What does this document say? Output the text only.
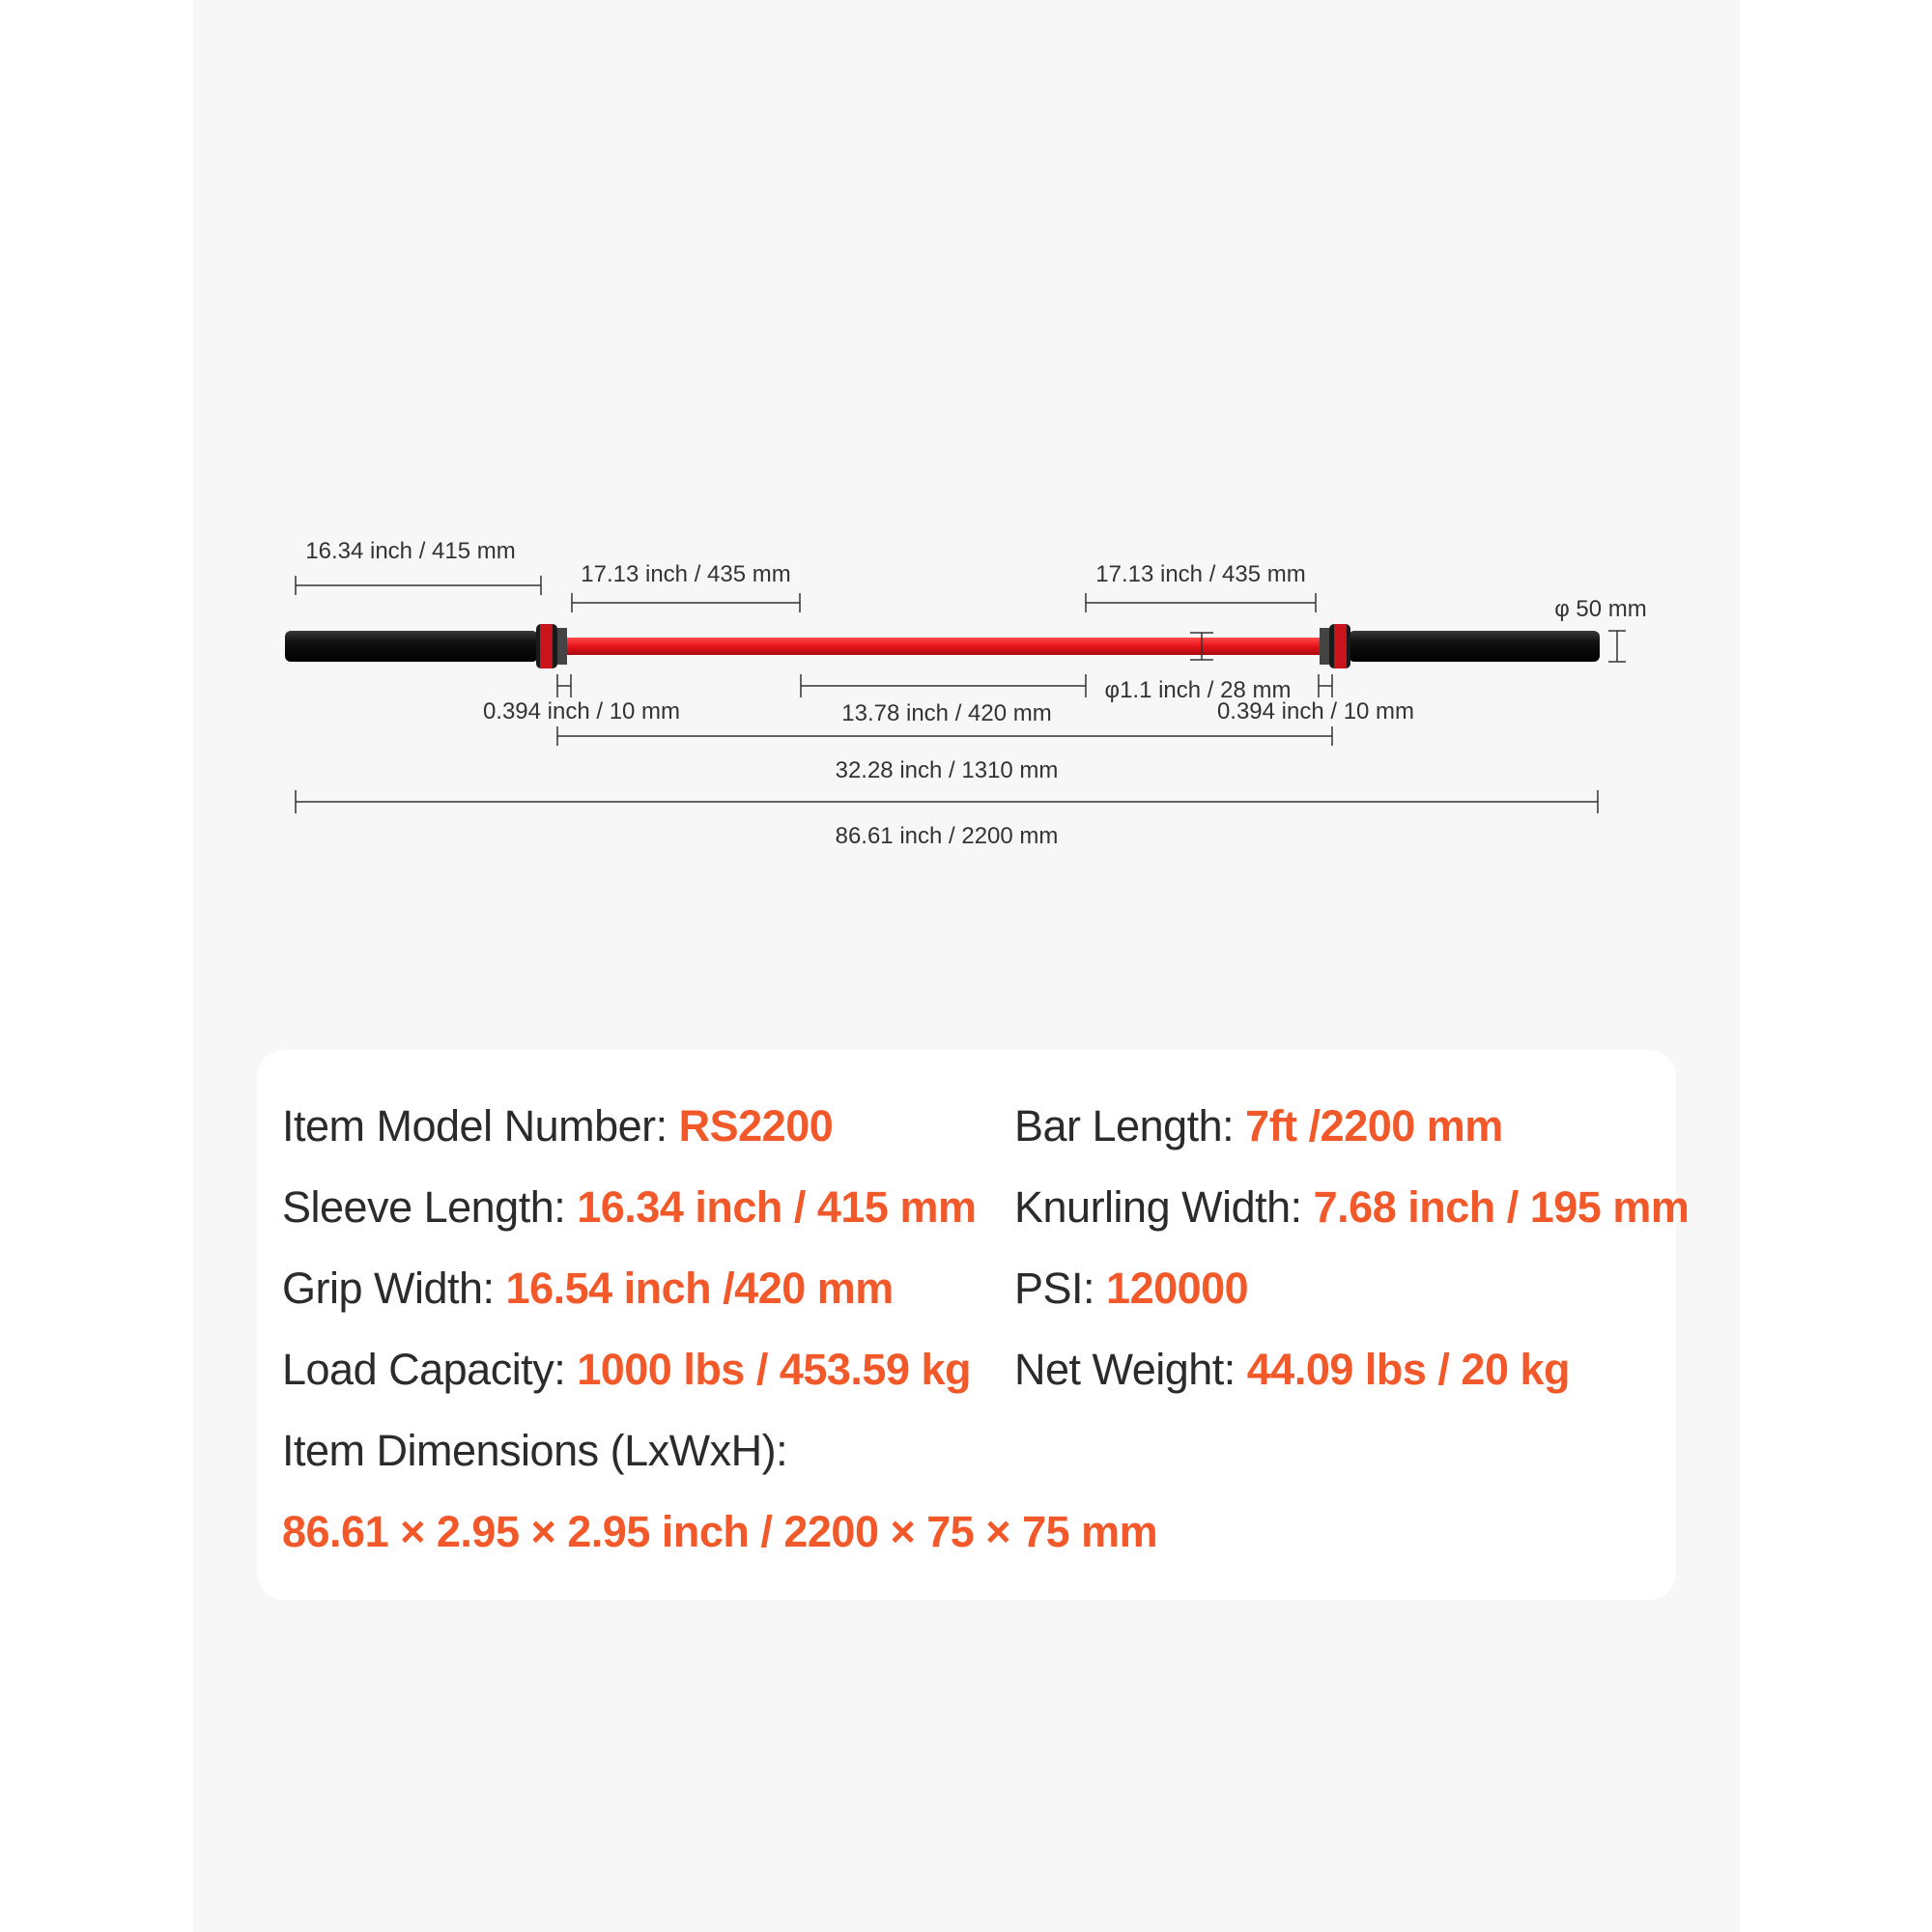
16.34 inch / 415 mm
17.13 inch / 435 mm	17.13 inch / 435 mm
φ 50 mm
0.394 inch / 10 mm	13.78 inch / 420 mm
φ1.1 inch / 28 mm
0.394 inch / 10 mm
32.28 inch / 1310 mm
86.61 inch / 2200 mm
Item Model Number: RS2200	Bar Length: 7ft /2200 mm
Sleeve Length: 16.34 inch / 415 mm Knurling Width: 7.68 inch / 195 mm
Grip Width: 16.54 inch /420 mm	PSI: 120000
Load Capacity: 1000 lbs / 453.59 kg Net Weight: 44.09 lbs / 20 kg
Item Dimensions (LxWxH):
86.61 × 2.95 × 2.95 inch / 2200 × 75 × 75 mm
